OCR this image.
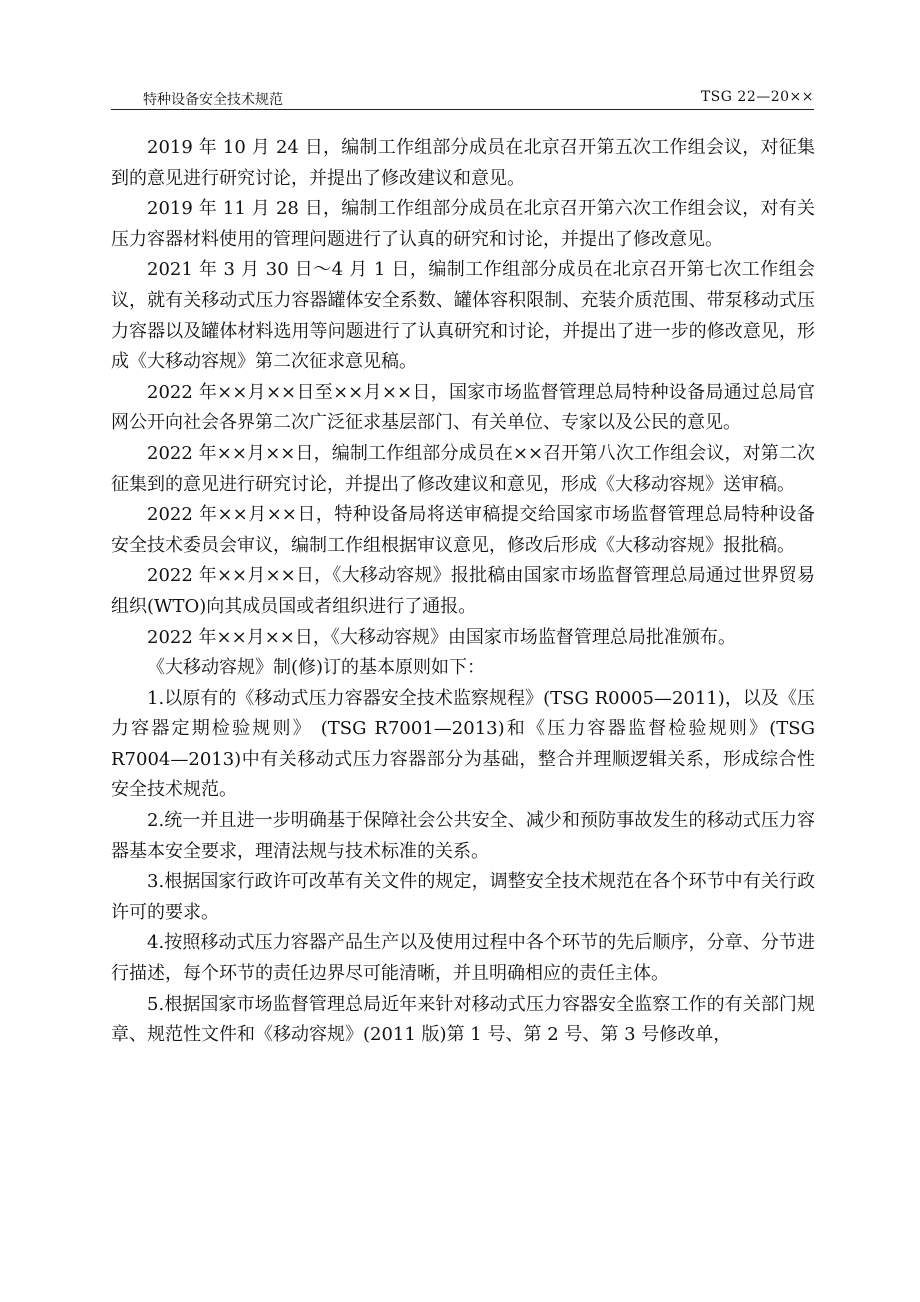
特种设备安全技术规范	TSG 22—20××

2019 年 10 月 24 日，编制工作组部分成员在北京召开第五次工作组会议，对征集到的意见进行研究讨论，并提出了修改建议和意见。

2019 年 11 月 28 日，编制工作组部分成员在北京召开第六次工作组会议，对有关压力容器材料使用的管理问题进行了认真的研究和讨论，并提出了修改意见。

2021 年 3 月 30 日～4 月 1 日，编制工作组部分成员在北京召开第七次工作组会议，就有关移动式压力容器罐体安全系数、罐体容积限制、充装介质范围、带泵移动式压力容器以及罐体材料选用等问题进行了认真研究和讨论，并提出了进一步的修改意见，形成《大移动容规》第二次征求意见稿。

2022 年××月××日至××月××日，国家市场监督管理总局特种设备局通过总局官网公开向社会各界第二次广泛征求基层部门、有关单位、专家以及公民的意见。

2022 年××月××日，编制工作组部分成员在××召开第八次工作组会议，对第二次征集到的意见进行研究讨论，并提出了修改建议和意见，形成《大移动容规》送审稿。

2022 年××月××日，特种设备局将送审稿提交给国家市场监督管理总局特种设备安全技术委员会审议，编制工作组根据审议意见，修改后形成《大移动容规》报批稿。

2022 年××月××日，《大移动容规》报批稿由国家市场监督管理总局通过世界贸易组织(WTO)向其成员国或者组织进行了通报。

2022 年××月××日，《大移动容规》由国家市场监督管理总局批准颁布。

《大移动容规》制(修)订的基本原则如下：

1.以原有的《移动式压力容器安全技术监察规程》(TSG R0005—2011)，以及《压力容器定期检验规则》 (TSG R7001—2013)和《压力容器监督检验规则》(TSG R7004—2013)中有关移动式压力容器部分为基础，整合并理顺逻辑关系，形成综合性安全技术规范。

2.统一并且进一步明确基于保障社会公共安全、减少和预防事故发生的移动式压力容器基本安全要求，理清法规与技术标准的关系。

3.根据国家行政许可改革有关文件的规定，调整安全技术规范在各个环节中有关行政许可的要求。

4.按照移动式压力容器产品生产以及使用过程中各个环节的先后顺序，分章、分节进行描述，每个环节的责任边界尽可能清晰，并且明确相应的责任主体。

5.根据国家市场监督管理总局近年来针对移动式压力容器安全监察工作的有关部门规章、规范性文件和《移动容规》(2011 版)第 1 号、第 2 号、第 3 号修改单，
